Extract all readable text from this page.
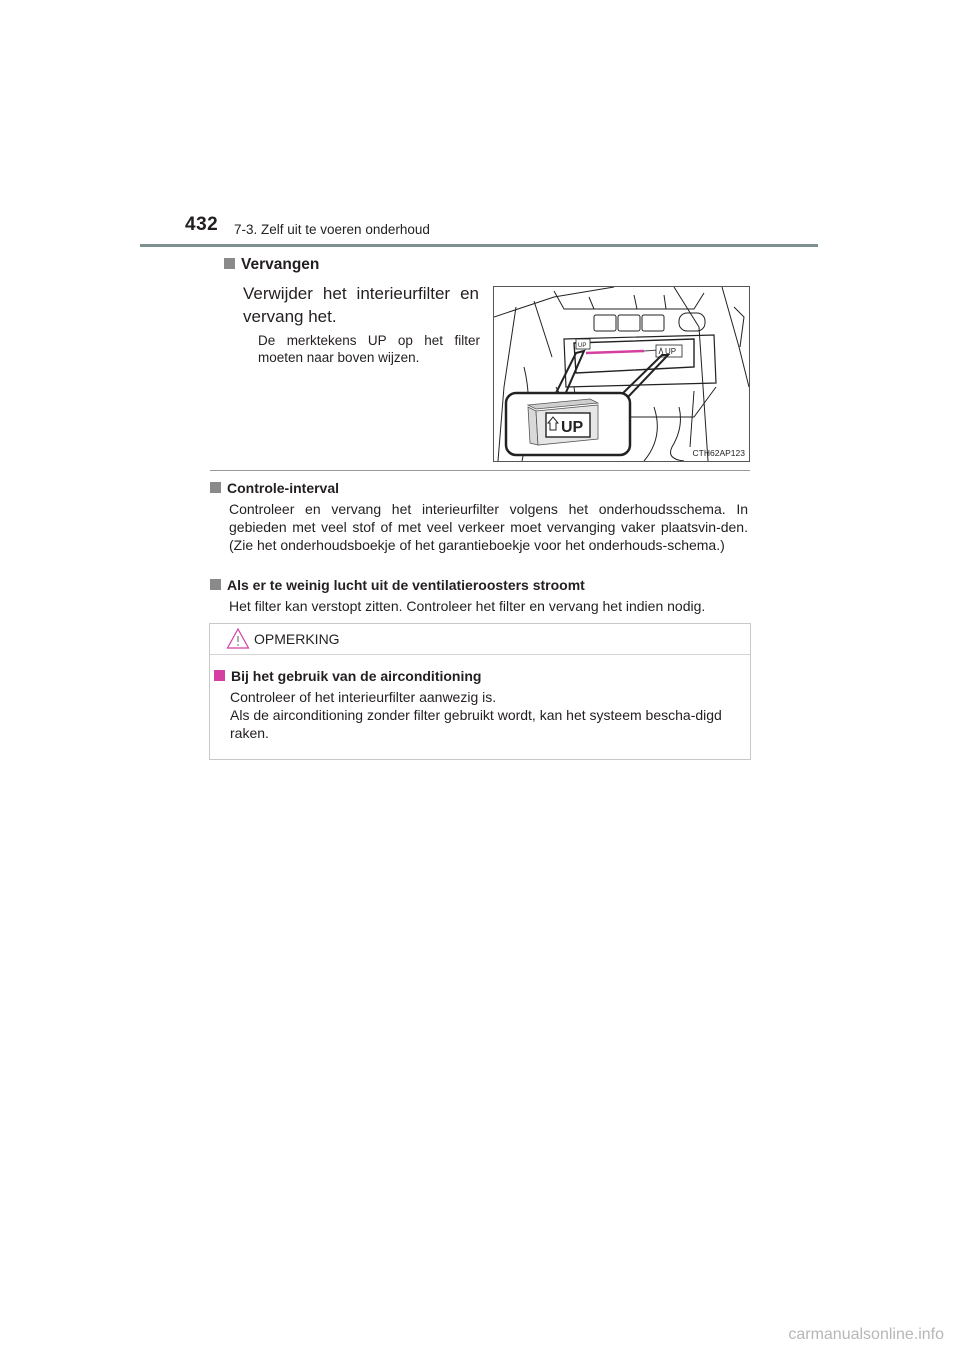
432 7-3. Zelf uit te voeren onderhoud
Vervangen
Verwijder het interieurfilter en vervang het.
De merktekens UP op het filter moeten naar boven wijzen.
UP
UP
UP
CTH62AP123
Controle-interval
Controleer en vervang het interieurfilter volgens het onderhoudsschema. In gebieden met veel stof of met veel verkeer moet vervanging vaker plaatsvin-den. (Zie het onderhoudsboekje of het garantieboekje voor het onderhouds-schema.)
Als er te weinig lucht uit de ventilatieroosters stroomt
Het filter kan verstopt zitten. Controleer het filter en vervang het indien nodig.
OPMERKING
Bij het gebruik van de airconditioning
Controleer of het interieurfilter aanwezig is.
Als de airconditioning zonder filter gebruikt wordt, kan het systeem bescha-digd raken.
carmanualsonline.info
